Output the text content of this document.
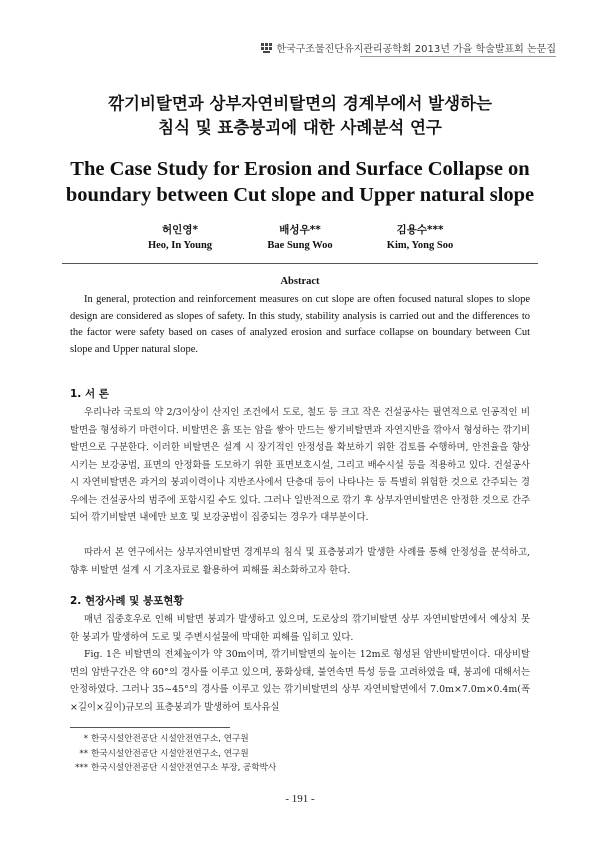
한국구조물진단유지관리공학회 2013년 가을 학술발표회 논문집
깎기비탈면과 상부자연비탈면의 경계부에서 발생하는
침식 및 표층붕괴에 대한 사례분석 연구
The Case Study for Erosion and Surface Collapse on
boundary between Cut slope and Upper natural slope
허인영*
Heo, In Young
배성우**
Bae Sung Woo
김용수***
Kim, Yong Soo
Abstract

In general, protection and reinforcement measures on cut slope are often focused natural slopes to slope design are considered as slopes of safety. In this study, stability analysis is carried out and the differences to the factor were safety based on cases of analyzed erosion and surface collapse on boundary between Cut slope and Upper natural slope.

1. 서 론

우리나라 국토의 약 2/3이상이 산지인 조건에서 도로, 철도 등 크고 작은 건설공사는 필연적으로 인공적인 비탈면을 형성하기 마련이다. 비탈면은 흙 또는 암을 쌓아 만드는 쌓기비탈면과 자연지반을 깎아서 형성하는 깎기비탈면으로 구분한다. 이러한 비탈면은 설계 시 장기적인 안정성을 확보하기 위한 검토를 수행하며, 안전율을 향상시키는 보강공법, 표면의 안정화를 도모하기 위한 표면보호시설, 그리고 배수시설 등을 적용하고 있다. 건설공사 시 자연비탈면은 과거의 붕괴이력이나 지반조사에서 단층대 등이 나타나는 등 특별히 위험한 것으로 간주되는 경우에는 건설공사의 범주에 포함시킬 수도 있다. 그러나 일반적으로 깎기 후 상부자연비탈면은 안정한 것으로 간주되어 깎기비탈면 내에만 보호 및 보강공법이 집중되는 경우가 대부분이다.

따라서 본 연구에서는 상부자연비탈면 경계부의 침식 및 표층붕괴가 발생한 사례를 통해 안정성을 분석하고, 향후 비탈면 설계 시 기초자료로 활용하여 피해를 최소화하고자 한다.

2. 현장사례 및 붕포현황

매년 집중호우로 인해 비탈면 붕괴가 발생하고 있으며, 도로상의 깎기비탈면 상부 자연비탈면에서 예상치 못한 붕괴가 발생하여 도로 및 주변시설물에 막대한 피해를 입히고 있다.

Fig. 1은 비탈면의 전체높이가 약 30m이며, 깎기비탈면의 높이는 12m로 형성된 암반비탈면이다. 대상비탈면의 암반구간은 약 60°의 경사를 이루고 있으며, 풍화상태, 불연속면 특성 등을 고려하였을 때, 붕괴에 대해서는 안정하였다. 그러나 35~45°의 경사를 이루고 있는 깎기비탈면의 상부 자연비탈면에서 7.0m×7.0m×0.4m(폭×길이×깊이)규모의 표층붕괴가 발생하여 토사유실

* 한국시설안전공단 시설안전연구소, 연구원
** 한국시설안전공단 시설안전연구소, 연구원
*** 한국시설안전공단 시설안전연구소 부장, 공학박사
- 191 -
